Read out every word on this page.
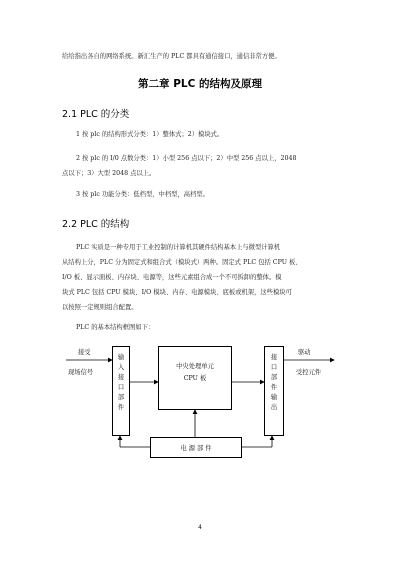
给给指出各自的网络系统。新汇生产的 PLC 都具有通信接口，通信非常方便。
第二章 PLC 的结构及原理
2.1 PLC 的分类
1 按 plc 的结构形式分类：1）整体式；2）模块式。
2 按 plc 的 I/0 点数分类：1）小型 256 点以下；2）中型 256 点以上，2048
点以下；3）大型 2048 点以上。
3 按 plc 功能分类：低档型，中档型，高档型。
2.2 PLC 的结构
PLC 实质是一种专用于工业控制的计算机其硬件结构基本上与微型计算机
从结构上分，PLC 分为固定式和组合式（模块式）两种。固定式 PLC 包括 CPU 板、
I/O 板、显示面板、内存块、电源等，这些元素组合成一个不可拆卸的整体。模
块式 PLC 包括 CPU 模块、I/O 模块、内存、电源模块、底板或机架，这些模块可
以按照一定规则组合配置。
PLC 的基本结构框图如下：
接受
现场信号
输
入
接
口
部
件
中央处理单元
CPU 板
接
口
部
件
输
出
驱动
受控元件
电 源 部 件
4
